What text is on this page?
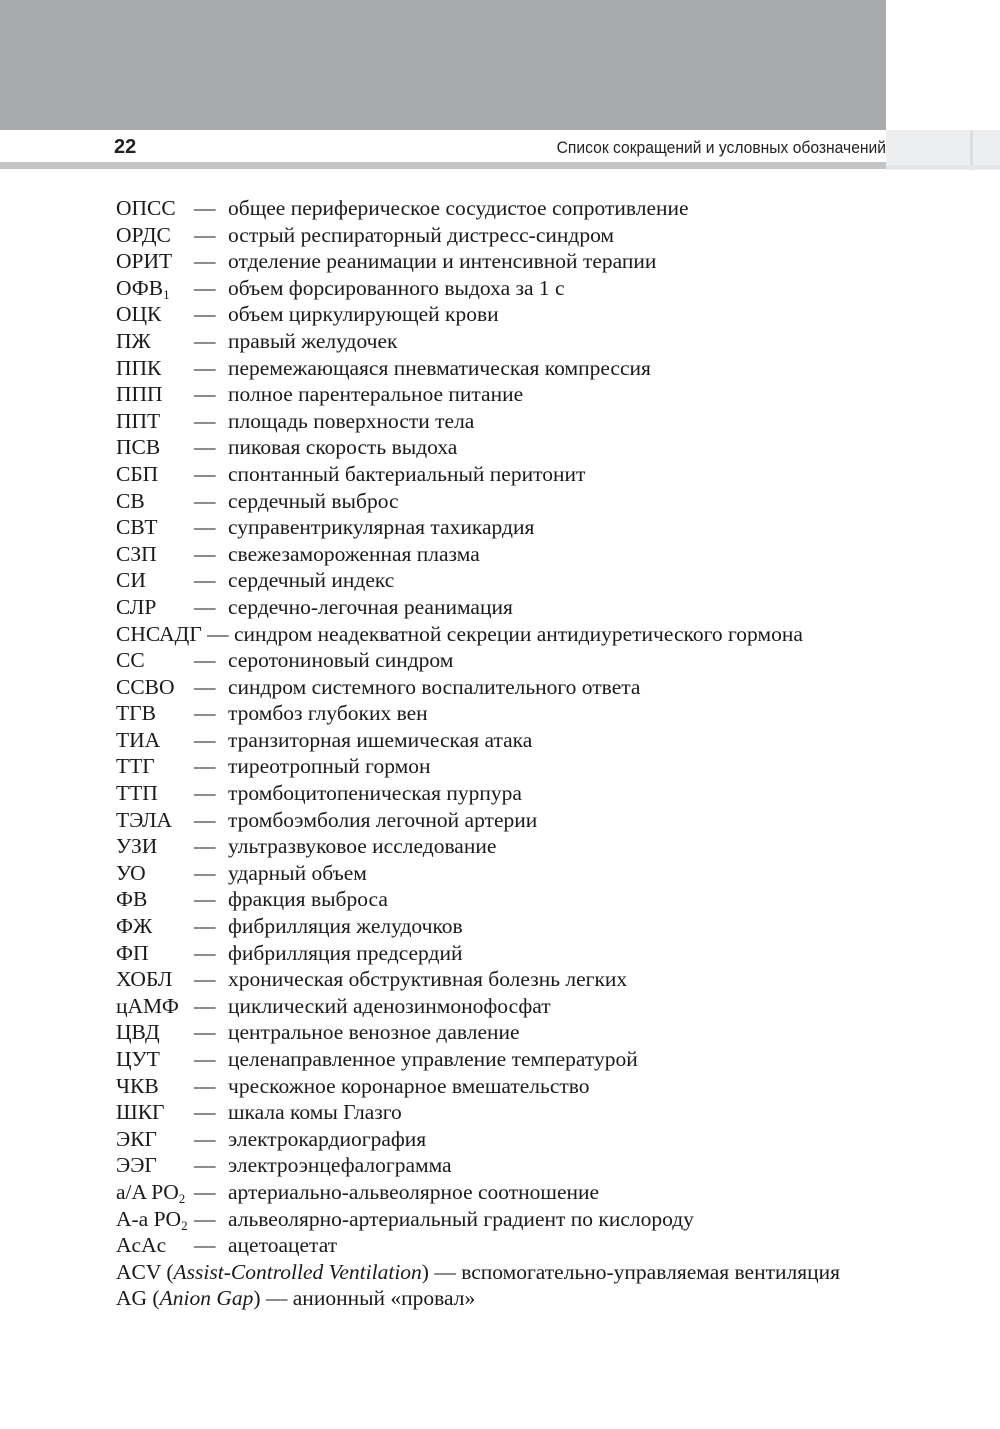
22	Список сокращений и условных обозначений
ОПСС — общее периферическое сосудистое сопротивление
ОРДС — острый респираторный дистресс-синдром
ОРИТ — отделение реанимации и интенсивной терапии
$ОФВ_1$ — объем форсированного выдоха за 1 с
ОЦК — объем циркулирующей крови
ПЖ — правый желудочек
ППК — перемежающаяся пневматическая компрессия
ППП — полное парентеральное питание
ППТ — площадь поверхности тела
ПСВ — пиковая скорость выдоха
СБП — спонтанный бактериальный перитонит
СВ — сердечный выброс
СВТ — суправентрикулярная тахикардия
СЗП — свежезамороженная плазма
СИ — сердечный индекс
СЛР — сердечно-легочная реанимация
СНСАДГ — синдром неадекватной секреции антидиуретического гормона
СС — серотониновый синдром
ССВО — синдром системного воспалительного ответа
ТГВ — тромбоз глубоких вен
ТИА — транзиторная ишемическая атака
ТТГ — тиреотропный гормон
ТТП — тромбоцитопеническая пурпура
ТЭЛА — тромбоэмболия легочной артерии
УЗИ — ультразвуковое исследование
УО — ударный объем
ФВ — фракция выброса
ФЖ — фибрилляция желудочков
ФП — фибрилляция предсердий
ХОБЛ — хроническая обструктивная болезнь легких
цАМФ — циклический аденозинмонофосфат
ЦВД — центральное венозное давление
ЦУТ — целенаправленное управление температурой
ЧКВ — чрескожное коронарное вмешательство
ШКГ — шкала комы Глазго
ЭКГ — электрокардиография
ЭЭГ — электроэнцефалограмма
a/A $PO_2$ — артериально-альвеолярное соотношение
A-a $PO_2$ — альвеолярно-артериальный градиент по кислороду
AcAc — ацетоацетат
ACV (Assist-Controlled Ventilation) — вспомогательно-управляемая вентиляция
AG (Anion Gap) — анионный «провал»
